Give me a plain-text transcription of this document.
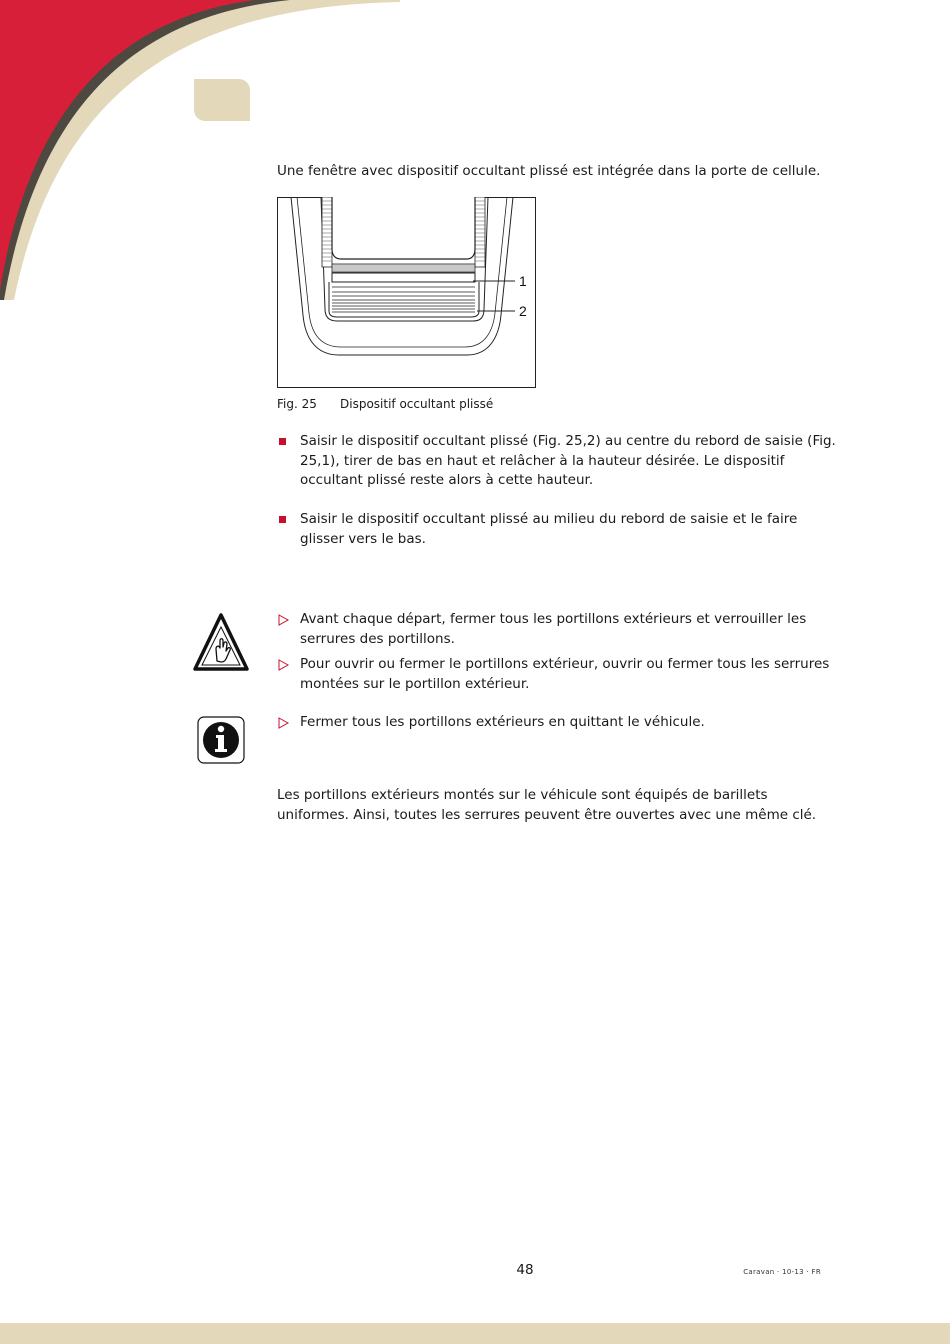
Une fenêtre avec dispositif occultant plissé est intégrée dans la porte de cellule.

1
2
Fig. 25 Dispositif occultant plissé
Saisir le dispositif occultant plissé (Fig. 25,2) au centre du rebord de saisie (Fig. 25,1), tirer de bas en haut et relâcher à la hauteur désirée. Le dispositif occultant plissé reste alors à cette hauteur.
Saisir le dispositif occultant plissé au milieu du rebord de saisie et le faire glisser vers le bas.
Avant chaque départ, fermer tous les portillons extérieurs et verrouiller les serrures des portillons.
Pour ouvrir ou fermer le portillons extérieur, ouvrir ou fermer tous les serrures montées sur le portillon extérieur.
Fermer tous les portillons extérieurs en quittant le véhicule.

Les portillons extérieurs montés sur le véhicule sont équipés de barillets uniformes. Ainsi, toutes les serrures peuvent être ouvertes avec une même clé.

48	Caravan · 10-13 · FR
